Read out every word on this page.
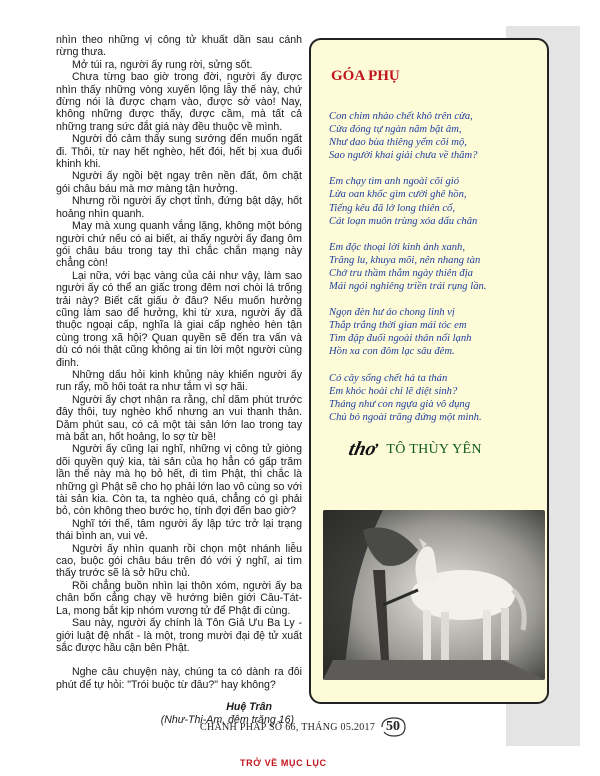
nhìn theo những vị công tử khuất dần sau cánh rừng thưa.

Mở túi ra, người ấy rung rời, sửng sốt.

Chưa từng bao giờ trong đời, người ấy được nhìn thấy những vòng xuyến lộng lẫy thế này, chứ đừng nói là được chạm vào, được sở vào! Nay, không những được thấy, được cầm, mà tất cả những trang sức đắt giá này đều thuộc về mình.

Người đó cảm thấy sung sướng đến muốn ngất đi. Thôi, từ nay hết nghèo, hết đói, hết bị xua đuổi khinh khi.

Người ấy ngồi bệt ngay trên nền đất, ôm chặt gói châu báu mà mơ màng tận hưởng.

Nhưng rồi người ấy chợt tỉnh, đứng bật dậy, hốt hoảng nhìn quanh.

May mà xung quanh vắng lặng, không một bóng người chứ nếu có ai biết, ai thấy người ấy đang ôm gói châu báu trong tay thì chắc chắn mạng này chẳng còn!

Lại nữa, với bạc vàng của cải như vậy, làm sao người ấy có thể an giấc trong đêm nơi chòi lá trống trải này? Biết cất giấu ở đâu? Nếu muốn hưởng cũng làm sao để hưởng, khi từ xưa, người ấy đã thuộc ngoại cấp, nghĩa là giai cấp nghèo hèn tận cùng trong xã hội? Quan quyền sẽ đến tra vấn và dù có nói thật cũng không ai tin lời một người cùng đinh.

Những dấu hỏi kinh khủng này khiến người ấy run rẩy, mồ hôi toát ra như tắm vì sợ hãi.

Người ấy chợt nhận ra rằng, chỉ dăm phút trước đây thôi, tuy nghèo khổ nhưng an vui thanh thản. Dăm phút sau, có cả một tài sản lớn lao trong tay mà bất an, hốt hoảng, lo sợ từ bề!

Người ấy cũng lại nghĩ, những vị công tử giòng dõi quyền quý kia, tài sản của họ hẳn có gấp trăm lần thế này mà họ bỏ hết, đi tìm Phật, thì chắc là những gì Phật sẽ cho họ phải lớn lao vô cùng so với tài sản kia. Còn ta, ta nghèo quá, chẳng có gì phải bỏ, còn không theo bước họ, tính đợi đến bao giờ?

Nghĩ tới thế, tâm người ấy lập tức trở lại trạng thái bình an, vui vẻ.

Người ấy nhìn quanh rồi chọn một nhánh liễu cao, buộc gói châu báu trên đó với ý nghĩ, ai tìm thấy trước sẽ là sở hữu chủ.

Rồi chẳng buồn nhìn lại thôn xóm, người ấy ba chân bốn cẳng chạy về hướng biên giới Câu-Tát-La, mong bắt kịp nhóm vương tử để Phật đi cùng.

Sau này, người ấy chính là Tôn Giả Ưu Ba Ly - giới luật đệ nhất - là một, trong mười đại đệ tử xuất sắc được hầu cận bên Phật.

Nghe câu chuyện này, chúng ta có dành ra đôi phút để tự hỏi: "Trói buộc từ đâu?" hay không?

Huệ Trân
(Như-Thị-Am, đêm trăng 16)
GÓA PHỤ
Con chim nhào chết khô trên cửa,
Cửa đóng tự ngàn năm bặt âm,
Như dao bùa thiêng yểm cõi mộ,
Sao người khai giải chưa về thăm?
Em chạy tìm anh ngoài cõi gió
Lửa oan khốc gìm cười ghê hồn,
Tiếng kêu đã lở long thiên cổ,
Cát loạn muôn trùng xóa dấu chân
Em độc thoại lời kinh ảnh xanh,
Trăng lu, khuya mõi, nên nhang tàn
Chớ tru thầm thẳm ngày thiên địa
Mái ngói nghiêng triền trái rụng lần.
Ngọn đèn hư ảo chong linh vị
Thắp trắng thời gian mái tóc em
Tìm đập đuối ngoài thân nổi lạnh
Hồn xa con đôm lạc sâu đêm.
Có cây sống chết hả ta thán
Em khóc hoài chi lẽ diệt sinh?
Tháng như con ngựa già vô dụng
Chủ bỏ ngoài trăng đứng một mình.
thơ TÔ THÙY YÊN
CHÁNH PHÁP SỐ 66, THÁNG 05.2017 50
TRỞ VỀ MỤC LỤC
